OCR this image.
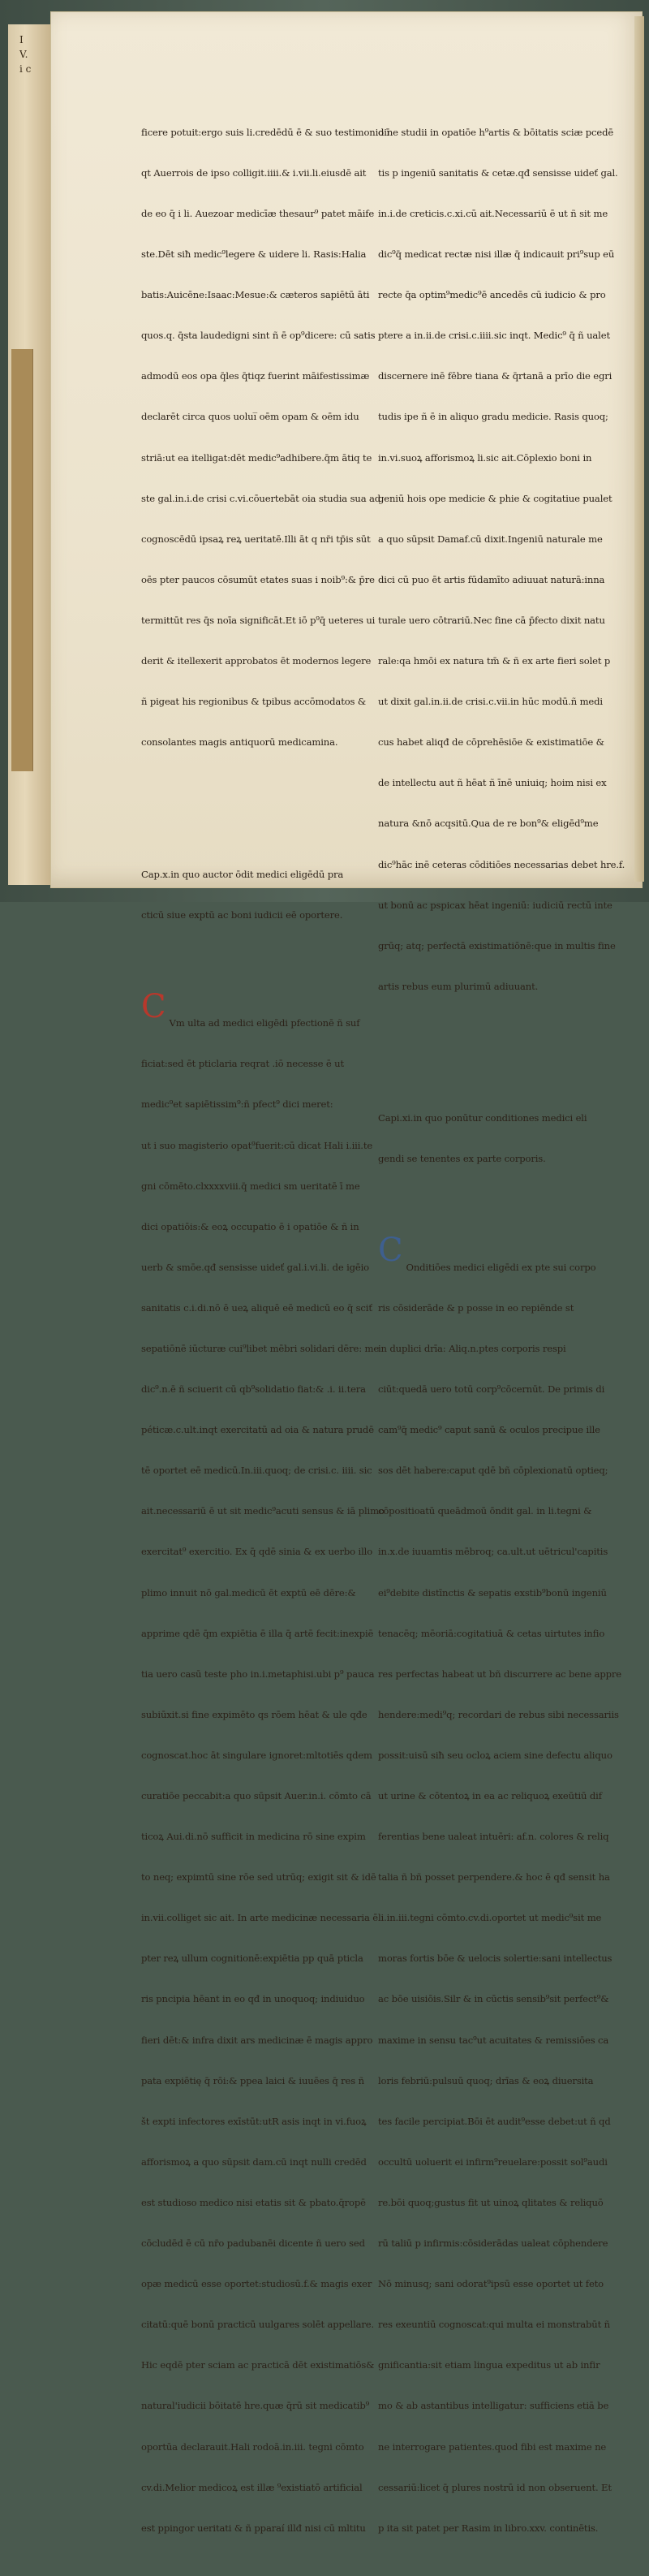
I V. i c

ficere potuit:ergo suis li.credēdū ē & suo testimonio ī

qt Auerrois de ipso colligit.iiii.& i.vii.li.eiusdē ait

de eo q̄ i li. Auezoar medicīæ thesaur⁹ patet māife

ste.Dēt siħ medic⁹legere & uidere li. Rasis:Halia

batis:Auicēne:Isaac:Mesue:& cæteros sapiētū āti

quos.q. q̄sta laudedigni sint ñ ē op⁹dicere: cū satis

admodū eos opa q̄les q̄tiqz fuerint māifestissimæ

declarēt circa quos uolui̅ oēm opam & oēm idu

striā:ut ea itelligat:dēt medic⁹adhibere.q̄m ātiq te

ste gal.in.i.de crisi c.vi.cōuertebāt oia studia sua ad

cognoscēdū ipsaꝝ reꝝ ueritatē.Illi āt q nr̄i tp̄is sūt

oēs pter paucos cōsumūt etates suas i noib⁹:& p̄re

termittūt res q̄s noīa significāt.Et iō p⁹q̄ ueteres ui

derit & itellexerit approbatos ēt modernos legere

ñ pigeat his regionibus & tpibus accōmodatos &

consolantes magis antiquorū medicamina.

Cap.x.in quo auctor ōdit medici eligēdū pra

cticū siue exptū ac boni iudicii eē oportere.

C

Vm ulta ad medici eligēdi pfectionē ñ suf

ficiat:sed ēt pticlaria reqrat .iō necesse ē ut

medic⁹et sapiētissim⁹:ñ pfect⁹ dici meret:

ut i suo magisterio opat⁹fuerit:cū dicat Hali i.iii.te

gni cōmēto.clxxxxviii.q̄ medici sm ueritatē ī me

dici opatiōis:& eoꝝ occupatio ē i opatiōe & ñ in

uerb & smōe.qđ sensisse uideť gal.i.vi.li. de igēio

sanitatis c.i.di.nō ē ueꝝ aliquē eē medicū eo q̄ sciť

sepatiōnē iūcturæ cui⁹libet mēbri solidari dēre: me

dic⁹.n.ē ñ sciuerit cū qb⁹solidatio fiat:& .i. ii.tera

péticæ.c.ult.inqt exercitatū ad oia & natura prudē

tē oportet eē medicū.In.iii.quoq; de crisi.c. iiii. sic

ait.necessariū ē ut sit medic⁹acuti sensus & iā plimo

exercitat⁹ exercitio. Ex q̄ qdē sinia & ex uerbo illo

plimo innuit nō gal.medicū ēt exptū eē dēre:&

apprime qdē q̄m expiētia ē illa q̄ artē fecit:inexpiē

tia uero casū teste pho in.i.metaphisi.ubi p⁹ pauca

subiūxit.si fine expimēto qs rōem hēat & ule qđe

cognoscat.hoc āt singulare ignoret:mltotiēs qdem

curatiōe peccabit:a quo sūpsit Auer.in.i. cōmto cā

ticoꝝ Aui.di.nō sufficit in medicina rō sine expim

to neq; expimtū sine rōe sed utrūq; exigit sit & idē

in.vii.colliget sic ait. In arte medicinæ necessaria ē

pter reꝝ ullum cognitionē:expiētia pp quā pticla

ris pncipia hēant in eo qđ in unoquoq; indiuiduo

fieri dēt:& infra dixit ars medicinæ ē magis appro

pata expiētię q̄ rōi:& ppea laici & iuuēes q̄ res ñ

št expti infectores exīstūt:utR asis inqt in vi.fuoꝝ

afforismoꝝ a quo sūpsit dam.cū inqt nulli credēd

est studioso medico nisi etatis sit & pbato.q̄ropē

cōcludēd ē cū nr̄o padubanēi dicente ñ uero sed

opæ medicū esse oportet:studiosū.f.& magis exer

citatū:quē bonū practicū uulgares solēt appellare.

Hic eqdē pter sciam ac practicā dēt existimatiōs&

natural'iudicii bōitatē hre.quæ q̄rū sit medicatib⁹

oportūa declarauit.Hali rodoā.in.iii. tegni cōmto

cv.di.Melior medicoꝝ est illæ ⁹existiatō artificial

est ppingor ueritati & ñ pparaí illđ nisi cū mltitu

dine studii in opatiōe h⁹artis & bōitatis sciæ pcedē

tis p ingeniū sanitatis & cetæ.qđ sensisse uideť gal.

in.i.de creticis.c.xi.cū ait.Necessariū ē ut ñ sit me

dic⁹q̄ medicat rectæ nisi illæ q̄ indicauit pri⁹sup eū

recte q̄a optim⁹medic⁹ē ancedēs cū iudicio & pro

ptere a in.ii.de crisi.c.iiii.sic inqt. Medic⁹ q̄ ñ ualet

discernere inē fēbre tiana & q̄rtanā a prīo die egri

tudis ipe ñ ē in aliquo gradu medicie. Rasis quoq;

in.vi.suoꝝ afforismoꝝ li.sic ait.Cōplexio boni in

geniū hois ope medicie & phie & cogitatiue pualet

a quo sūpsit Damaf.cū dixit.Ingeniū naturale me

dici cū puo ēt artis fūdamīto adiuuat naturā:inna

turale uero cōtrariū.Nec fine cā p̄fecto dixit natu

rale:qa hmōi ex natura tm̄ & ñ ex arte fieri solet p

ut dixit gal.in.ii.de crisi.c.vii.in hūc modū.ñ medi

cus habet aliqđ de cōprehēsiōe & existimatiōe &

de intellectu aut ñ hēat ñ īnē uniuiq; hoim nisi ex

natura &nō acqsitū.Qua de re bon⁹& eligēd⁹me

dic⁹hāc inē ceteras cōditiōes necessarias debet hre.f.

ut bonū ac pspicax hēat ingeniū: iudiciū rectū inte

grūq; atq; perfectā existimatiōnē:que in multis fine

artis rebus eum plurimū adiuuant.

Capi.xi.in quo ponūtur conditiones medici eli

gendi se tenentes ex parte corporis.

C

Onditiōes medici eligēdi ex pte sui corpo

ris cōsiderāde & p posse in eo repiēnde st

in duplici drīa: Aliq.n.ptes corporis respi

ciūt:quedā uero totū corp⁹cōcernūt. De primis di

cam⁹q̄ medic⁹ caput sanū & oculos precipue ille

sos dēt habere:caput qdē bñ cōplexionatū optieq;

cōpositioatū queādmoū ōndit gal. in li.tegni &

in.x.de iuuamtis mēbroq; ca.ult.ut uētricul'capitis

ei⁹debite distīnctis & sepatis exstib⁹bonū ingeniū

tenacēq; mēoriā:cogitatiuā & cetas uirtutes infio

res perfectas habeat ut bñ discurrere ac bene appre

hendere:medi⁹q; recordari de rebus sibi necessariis

possit:uisū siħ seu ocloꝝ aciem sine defectu aliquo

ut urine & cōtentoꝝ in ea ac reliquoꝝ exeūtiū dif

ferentias bene ualeat intuēri: af.n. colores & reliq

talia ñ bñ posset perpendere.& hoc ē qđ sensit ha

li.in.iii.tegni cōmto.cv.di.oportet ut medic⁹sit me

moras fortis bōe & uelocis solertie:sani intellectus

ac bōe uisiōis.Silr & in cūctis sensib⁹sit perfect⁹&

maxime in sensu tac⁹ut acuitates & remissiōes ca

loris febriū:pulsuū quoq; drīas & eoꝝ diuersita

tes facile percipiat.Bōi ēt audit⁹esse debet:ut ñ qd

occultū uoluerit ei infirm⁹reuelare:possit sol⁹audi

re.bōi quoq;gustus fit ut uinoꝝ qlitates & reliquō

rū taliū p infirmis:cōsiderādas ualeat cōphendere

Nō minusq; sani odorat⁹ipsū esse oportet ut feto

res exeuntiū cognoscat:qui multa ei monstrabūt ñ

gnificantia:sit etiam lingua expeditus ut ab infir

mo & ab astantibus intelligatur: sufficiens etiā be

ne interrogare patientes.quod fibi est maxime ne

cessariū:licet q̄ plures nostrū id non obseruent. Et

p ita sit patet per Rasim in libro.xxv. continētis.
